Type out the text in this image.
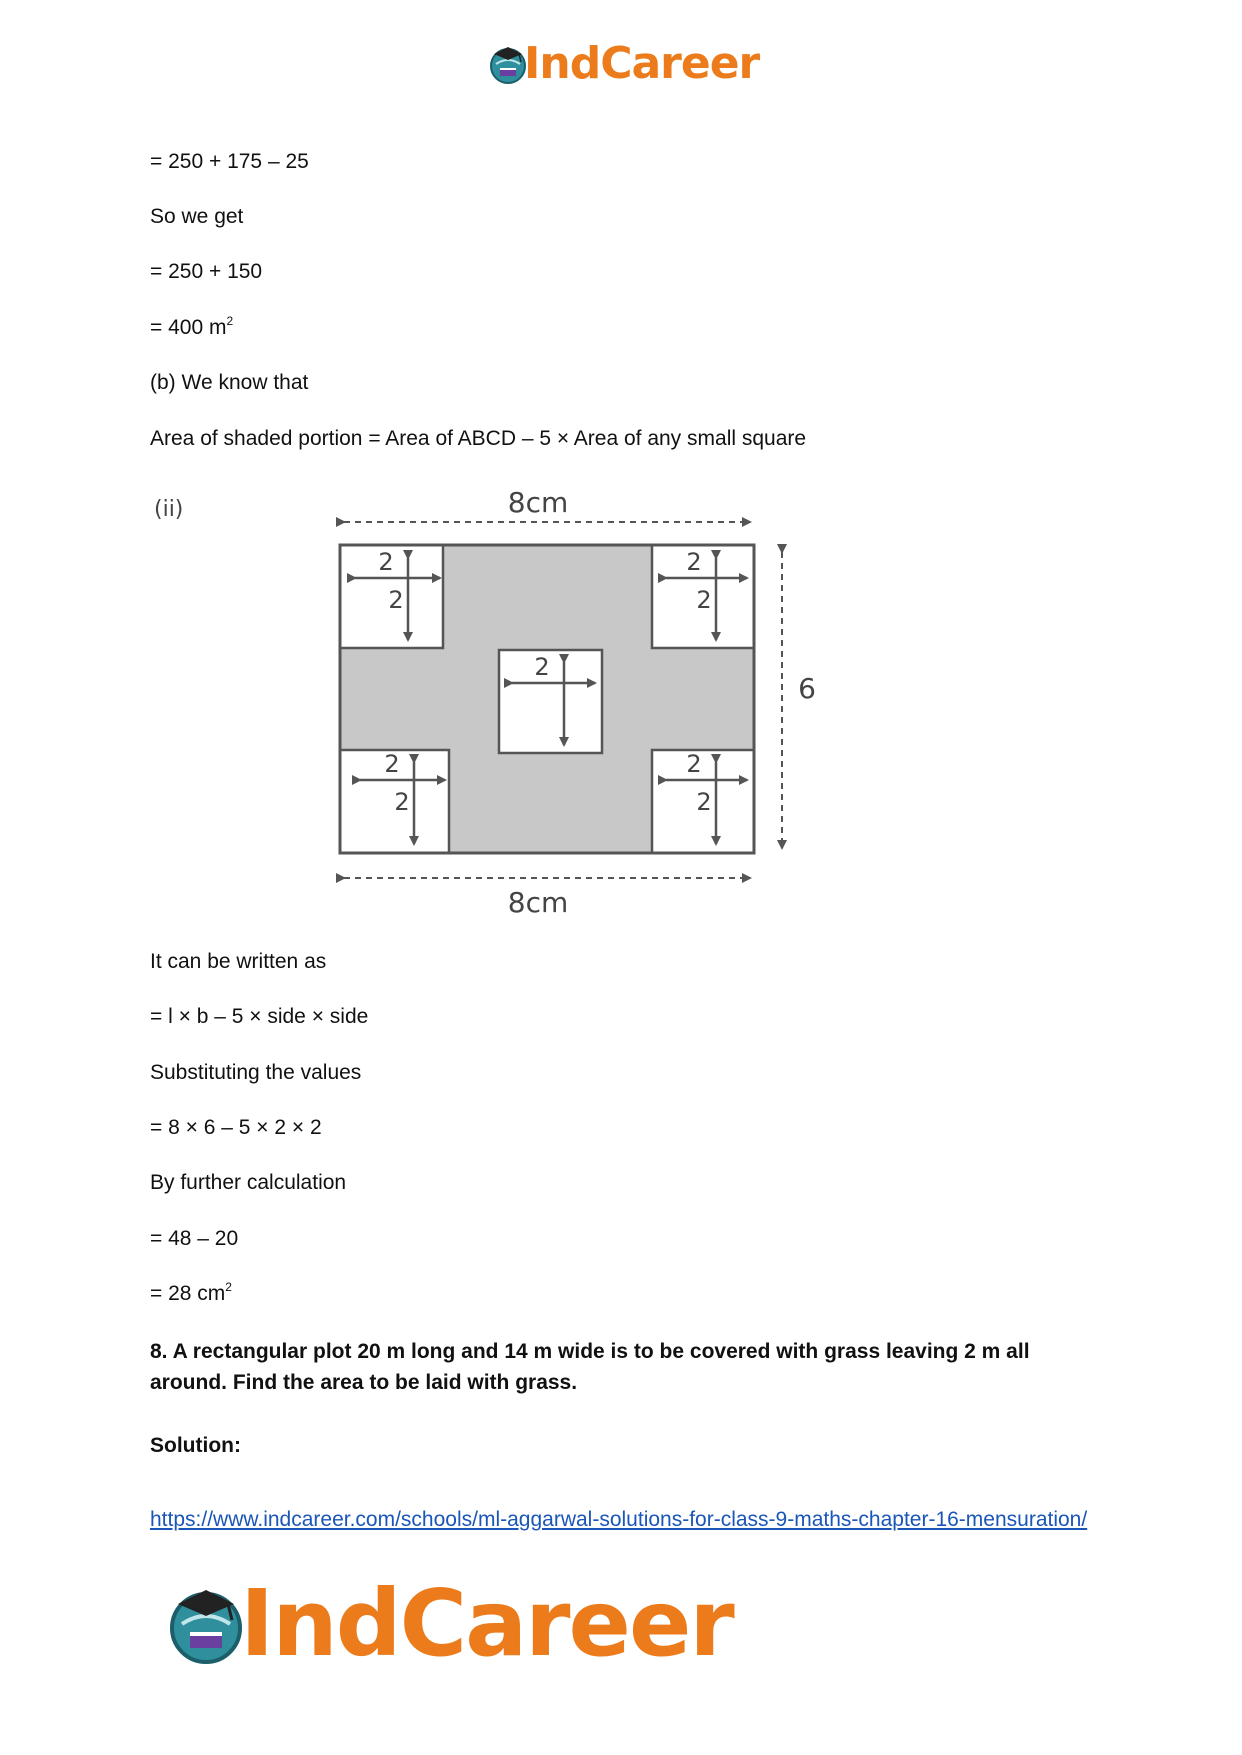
IndCareer
= 250 + 175 – 25
So we get
= 250 + 150
= 400 $m^2$
(b) We know that
Area of shaded portion = Area of ABCD – 5 × Area of any small square
(ii)	8cm
2
2
2
2
2
2
2
2
2
6
8cm
It can be written as
= l × b – 5 × side × side
Substituting the values
= 8 × 6 – 5 × 2 × 2
By further calculation
= 48 – 20
= 28 $cm^2$
8. A rectangular plot 20 m long and 14 m wide is to be covered with grass leaving 2 m all around. Find the area to be laid with grass.
Solution:
https://www.indcareer.com/schools/ml-aggarwal-solutions-for-class-9-maths-chapter-16-mensuration/
IndCareer
